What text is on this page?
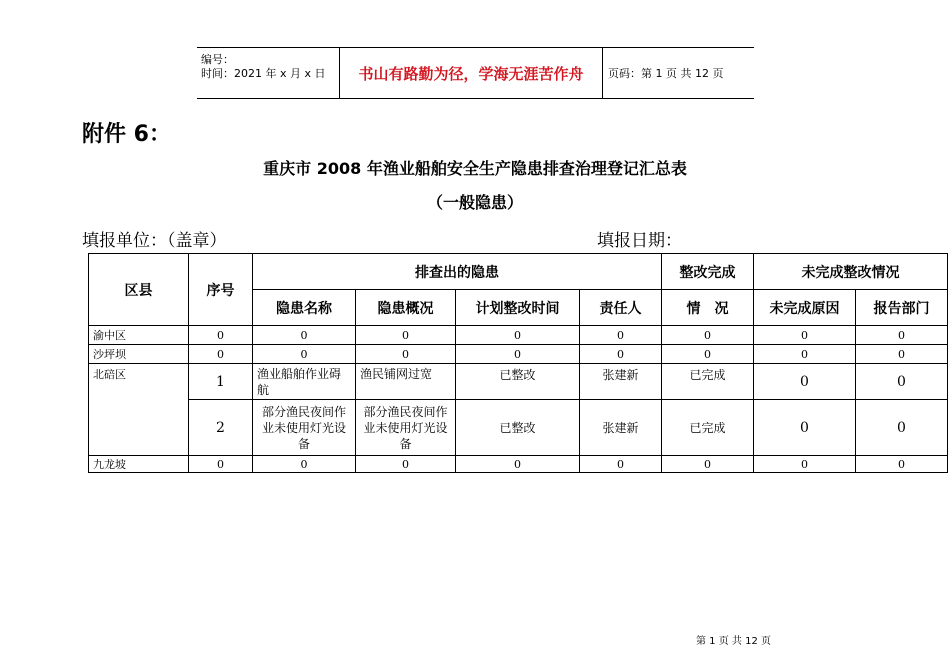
编号：
时间：2021 年 x 月 x 日 书山有路勤为径，学海无涯苦作舟	页码：第 1 页 共 12 页
附件 6：
重庆市 2008 年渔业船舶安全生产隐患排查治理登记汇总表
（一般隐患）
填报单位：（盖章）	填报日期：
区县	序号	排查出的隐患				整改完成	未完成整改情况	
		隐患名称	隐患概况	计划整改时间	责任人	情　况	未完成原因	报告部门
渝中区	0	0	0	0	0	0	0	0
沙坪坝	0	0	0	0	0	0	0	0
北碚区	1	渔业船舶作业碍航	渔民铺网过宽	已整改	张建新	已完成	0	0
	2	部分渔民夜间作业未使用灯光设备	部分渔民夜间作业未使用灯光设备	已整改	张建新	已完成	0	0
九龙坡	0	0	0	0	0	0	0	0
第 1 页 共 12 页
